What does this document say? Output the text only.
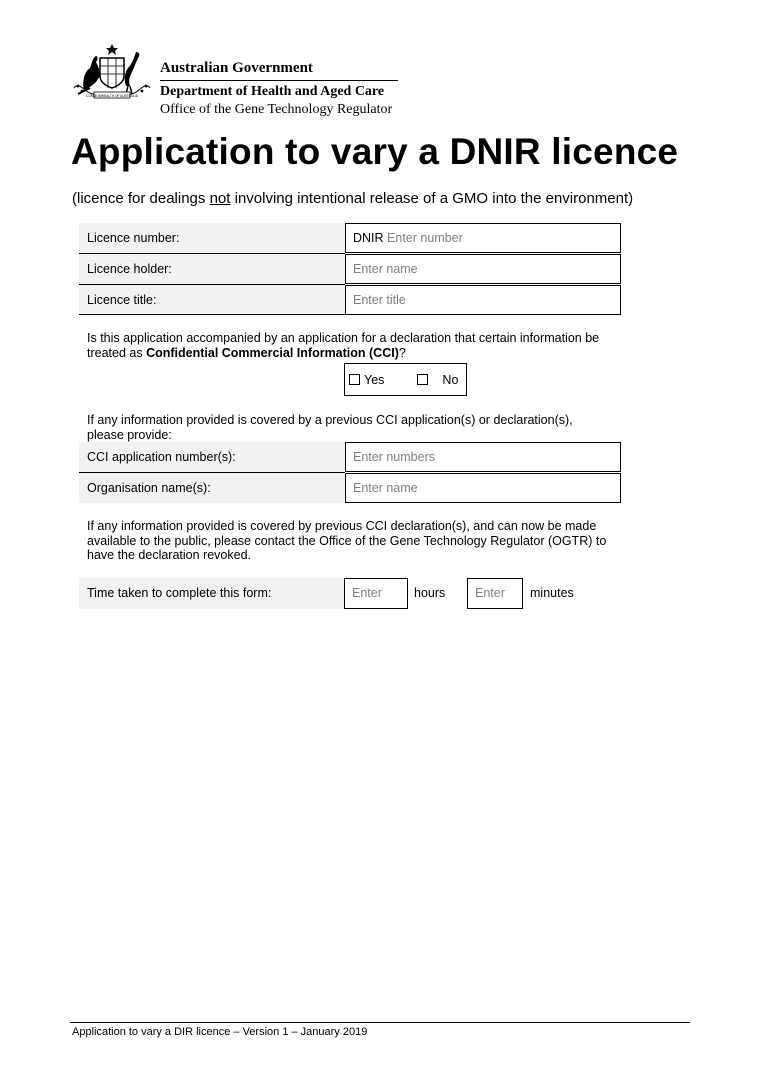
COMMONWEALTH OF AUSTRALIA
Australian Government
Department of Health and Aged Care
Office of the Gene Technology Regulator
Application to vary a DNIR licence
(licence for dealings not involving intentional release of a GMO into the environment)
Licence number:	DNIR Enter number
Licence holder:	Enter name
Licence title:	Enter title
Is this application accompanied by an application for a declaration that certain information be treated as Confidential Commercial Information (CCI)?
Yes	No
If any information provided is covered by a previous CCI application(s) or declaration(s), please provide:
CCI application number(s):	Enter numbers
Organisation name(s):	Enter name
If any information provided is covered by previous CCI declaration(s), and can now be made available to the public, please contact the Office of the Gene Technology Regulator (OGTR) to have the declaration revoked.
Time taken to complete this form:	Enter	hours	Enter	minutes
Application to vary a DIR licence – Version 1 – January 2019
